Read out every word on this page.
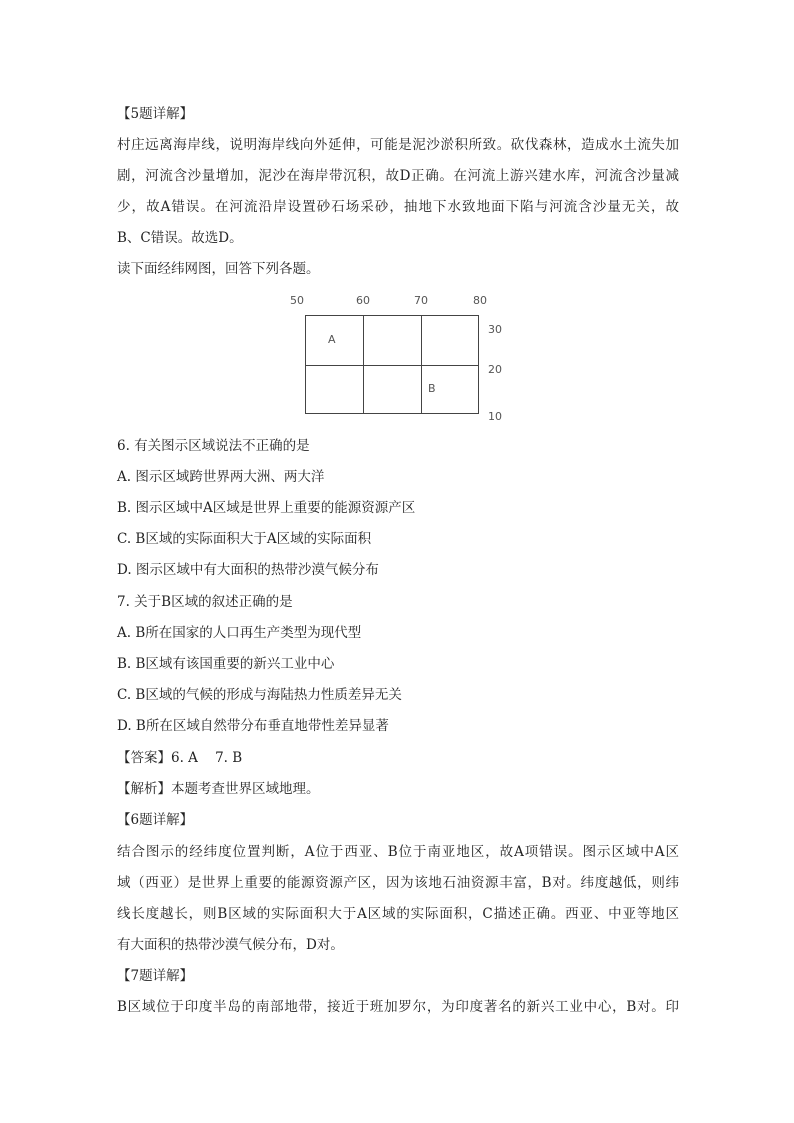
【5题详解】
村庄远离海岸线，说明海岸线向外延伸，可能是泥沙淤积所致。砍伐森林，造成水土流失加
剧，河流含沙量增加，泥沙在海岸带沉积，故D正确。在河流上游兴建水库，河流含沙量减
少，故A错误。在河流沿岸设置砂石场采砂，抽地下水致地面下陷与河流含沙量无关，故
B、C错误。故选D。
读下面经纬网图，回答下列各题。
50	60	70	80
30
20
10
A
B
6. 有关图示区域说法不正确的是
A. 图示区域跨世界两大洲、两大洋
B. 图示区域中A区域是世界上重要的能源资源产区
C. B区域的实际面积大于A区域的实际面积
D. 图示区域中有大面积的热带沙漠气候分布
7. 关于B区域的叙述正确的是
A. B所在国家的人口再生产类型为现代型
B. B区域有该国重要的新兴工业中心
C. B区域的气候的形成与海陆热力性质差异无关
D. B所在区域自然带分布垂直地带性差异显著
【答案】6. A    7. B
【解析】本题考查世界区域地理。
【6题详解】
结合图示的经纬度位置判断，A位于西亚、B位于南亚地区，故A项错误。图示区域中A区
域（西亚）是世界上重要的能源资源产区，因为该地石油资源丰富，B对。纬度越低，则纬
线长度越长，则B区域的实际面积大于A区域的实际面积，C描述正确。西亚、中亚等地区
有大面积的热带沙漠气候分布，D对。
【7题详解】
B区域位于印度半岛的南部地带，接近于班加罗尔，为印度著名的新兴工业中心，B对。印
